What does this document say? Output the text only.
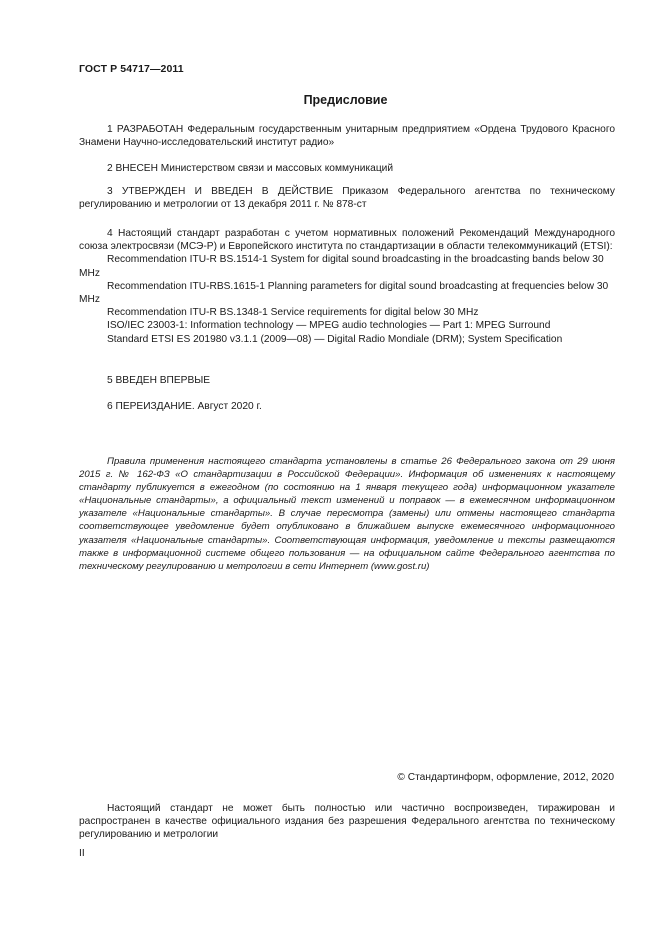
ГОСТ Р 54717—2011
Предисловие

1 РАЗРАБОТАН Федеральным государственным унитарным предприятием «Ордена Трудового Красного Знамени Научно-исследовательский институт радио»

2 ВНЕСЕН Министерством связи и массовых коммуникаций

3 УТВЕРЖДЕН И ВВЕДЕН В ДЕЙСТВИЕ Приказом Федерального агентства по техническому регулированию и метрологии от 13 декабря 2011 г. № 878-ст

4 Настоящий стандарт разработан с учетом нормативных положений Рекомендаций Международного союза электросвязи (МСЭ-Р) и Европейского института по стандартизации в области телекоммуникаций (ETSI):

Recommendation ITU-R BS.1514-1 System for digital sound broadcasting in the broadcasting bands below 30 MHz

Recommendation ITU-RBS.1615-1 Planning parameters for digital sound broadcasting at frequencies below 30 MHz

Recommendation ITU-R BS.1348-1 Service requirements for digital below 30 MHz

ISO/IEC 23003-1: Information technology — MPEG audio technologies — Part 1: MPEG Surround

Standard ETSI ES 201980 v3.1.1 (2009—08) — Digital Radio Mondiale (DRM); System Specification

5 ВВЕДЕН ВПЕРВЫЕ

6 ПЕРЕИЗДАНИЕ. Август 2020 г.

Правила применения настоящего стандарта установлены в статье 26 Федерального закона от 29 июня 2015 г. № 162-ФЗ «О стандартизации в Российской Федерации». Информация об изменениях к настоящему стандарту публикуется в ежегодном (по состоянию на 1 января текущего года) информационном указателе «Национальные стандарты», а официальный текст изменений и поправок — в ежемесячном информационном указателе «Национальные стандарты». В случае пересмотра (замены) или отмены настоящего стандарта соответствующее уведомление будет опубликовано в ближайшем выпуске ежемесячного информационного указателя «Национальные стандарты». Соответствующая информация, уведомление и тексты размещаются также в информационной системе общего пользования — на официальном сайте Федерального агентства по техническому регулированию и метрологии в сети Интернет (www.gost.ru)

© Стандартинформ, оформление, 2012, 2020

Настоящий стандарт не может быть полностью или частично воспроизведен, тиражирован и распространен в качестве официального издания без разрешения Федерального агентства по техническому регулированию и метрологии

II
